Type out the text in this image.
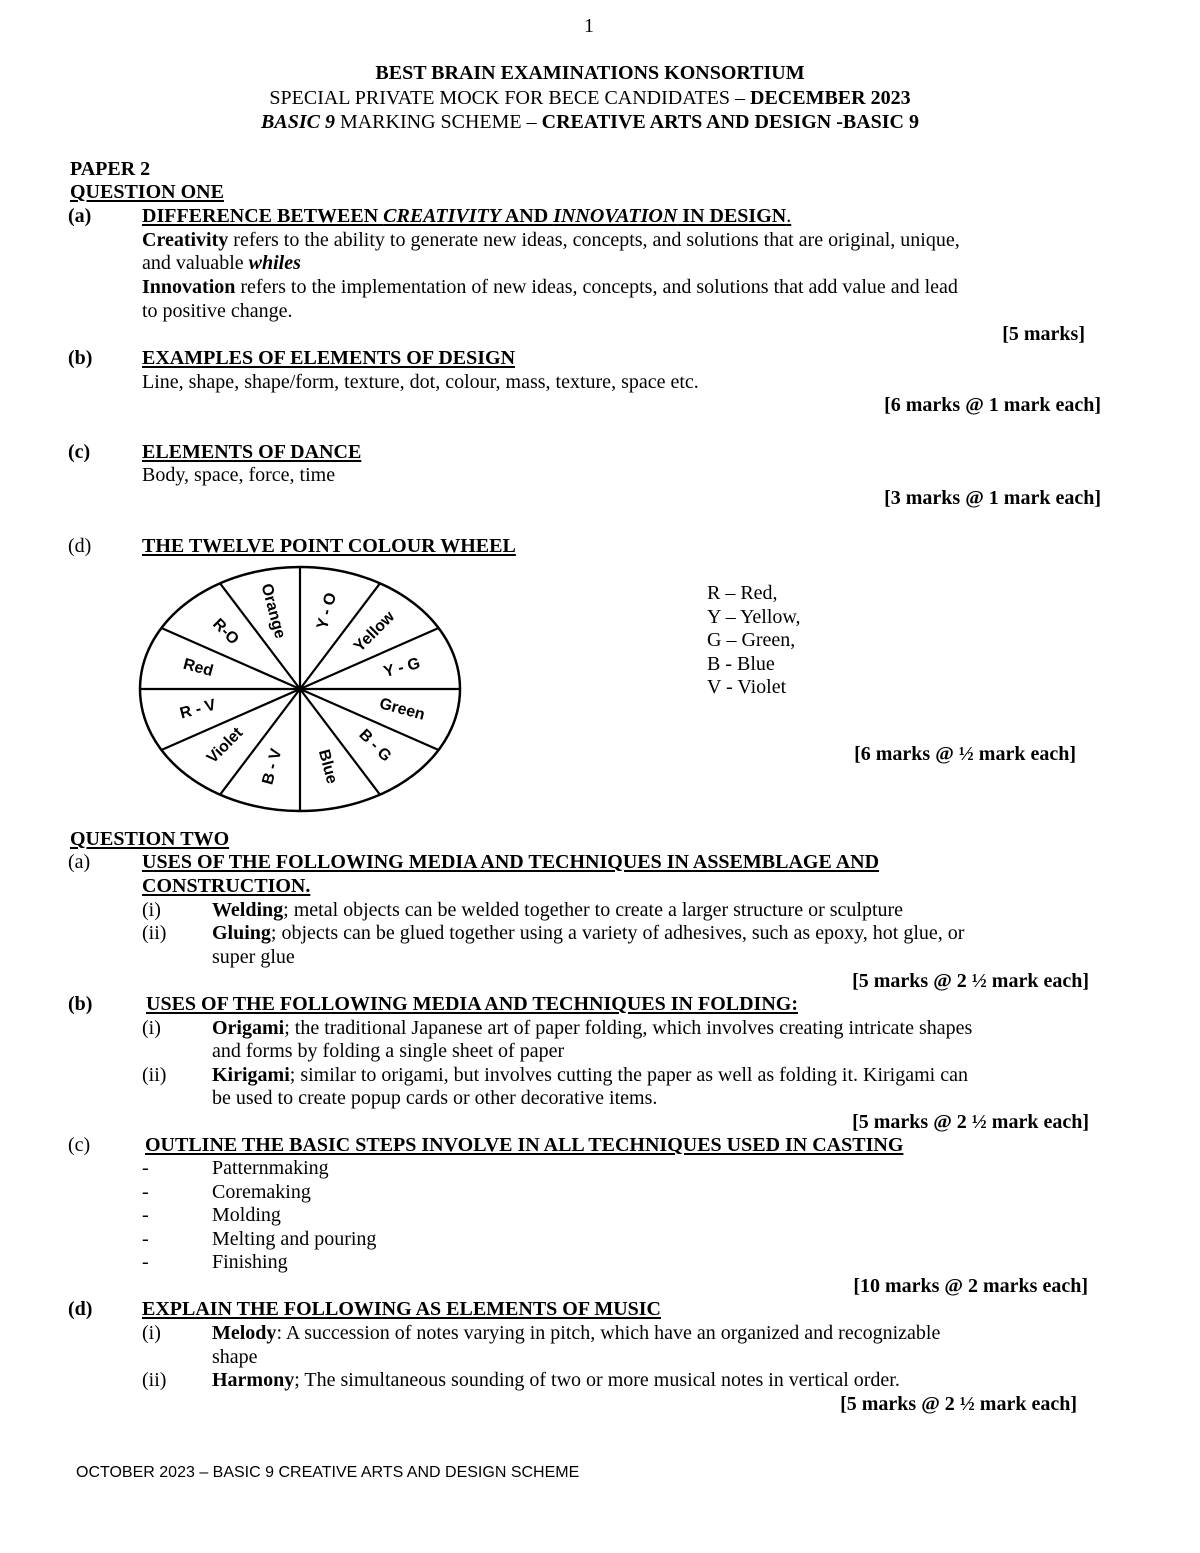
1
BEST BRAIN EXAMINATIONS KONSORTIUM
SPECIAL PRIVATE MOCK FOR BECE CANDIDATES – DECEMBER 2023
BASIC 9 MARKING SCHEME – CREATIVE ARTS AND DESIGN -BASIC 9
PAPER 2
QUESTION ONE
(a)	DIFFERENCE BETWEEN CREATIVITY AND INNOVATION IN DESIGN.
Creativity refers to the ability to generate new ideas, concepts, and solutions that are original, unique,
and valuable whiles
Innovation refers to the implementation of new ideas, concepts, and solutions that add value and lead
to positive change.
[5 marks]
(b) EXAMPLES OF ELEMENTS OF DESIGN
Line, shape, shape/form, texture, dot, colour, mass, texture, space etc.
[6 marks @ 1 mark each]
(c)	ELEMENTS OF DANCE
Body, space, force, time
[3 marks @ 1 mark each]
(d)	THE TWELVE POINT COLOUR WHEEL
Y - O Yellow
Y - G
Green
B - G
Blue
B - V
Violet
R - V
Red
R-O Orange	R – Red,
Y – Yellow,
G – Green,
B - Blue
V - Violet
[6 marks @ ½ mark each]
QUESTION TWO
(a)	USES OF THE FOLLOWING MEDIA AND TECHNIQUES IN ASSEMBLAGE AND
CONSTRUCTION.
(i)	Welding; metal objects can be welded together to create a larger structure or sculpture
(ii) Gluing; objects can be glued together using a variety of adhesives, such as epoxy, hot glue, or
super glue
[5 marks @ 2 ½ mark each]
(b)	USES OF THE FOLLOWING MEDIA AND TECHNIQUES IN FOLDING:
(i)	Origami; the traditional Japanese art of paper folding, which involves creating intricate shapes
and forms by folding a single sheet of paper
(ii) Kirigami; similar to origami, but involves cutting the paper as well as folding it. Kirigami can
be used to create popup cards or other decorative items.
[5 marks @ 2 ½ mark each]
(c)	OUTLINE THE BASIC STEPS INVOLVE IN ALL TECHNIQUES USED IN CASTING
-	Patternmaking
-	Coremaking
-	Molding
-	Melting and pouring
-	Finishing
[10 marks @ 2 marks each]
(d) EXPLAIN THE FOLLOWING AS ELEMENTS OF MUSIC
(i)	Melody: A succession of notes varying in pitch, which have an organized and recognizable
shape
(ii) Harmony; The simultaneous sounding of two or more musical notes in vertical order.
[5 marks @ 2 ½ mark each]
OCTOBER 2023 – BASIC 9 CREATIVE ARTS AND DESIGN SCHEME
